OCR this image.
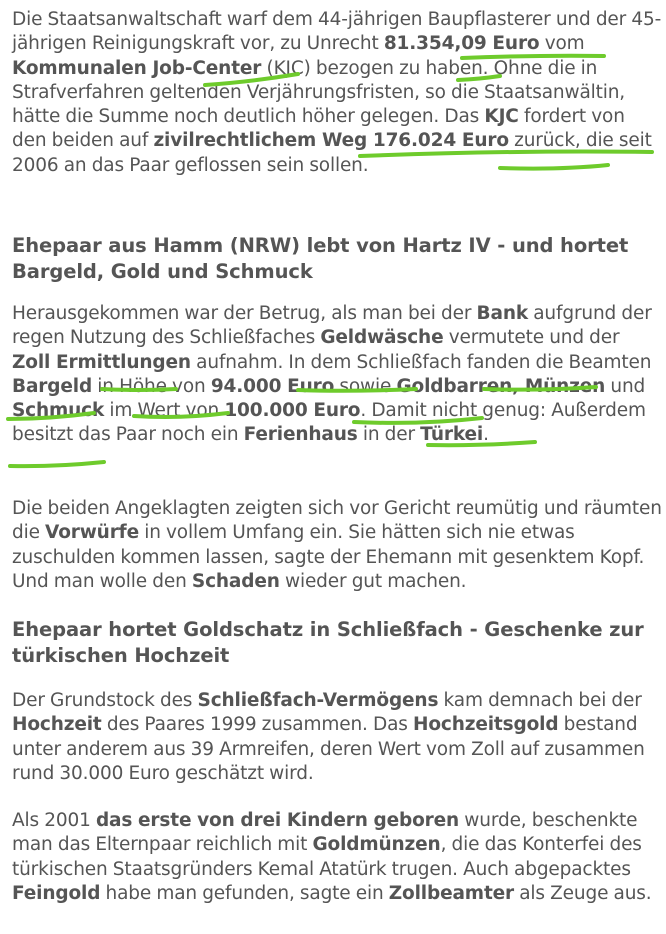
Die Staatsanwaltschaft warf dem 44-jährigen Baupflasterer und der 45-jährigen Reinigungskraft vor, zu Unrecht 81.354,09 Euro vom Kommunalen Job-Center (KJC) bezogen zu haben. Ohne die in Strafverfahren geltenden Verjährungsfristen, so die Staatsanwältin, hätte die Summe noch deutlich höher gelegen. Das KJC fordert von den beiden auf zivilrechtlichem Weg 176.024 Euro zurück, die seit 2006 an das Paar geflossen sein sollen.

Ehepaar aus Hamm (NRW) lebt von Hartz IV - und hortet Bargeld, Gold und Schmuck

Herausgekommen war der Betrug, als man bei der Bank aufgrund der regen Nutzung des Schließfaches Geldwäsche vermutete und der Zoll Ermittlungen aufnahm. In dem Schließfach fanden die Beamten Bargeld in Höhe von 94.000 Euro sowie Goldbarren, Münzen und Schmuck im Wert von 100.000 Euro. Damit nicht genug: Außerdem besitzt das Paar noch ein Ferienhaus in der Türkei.

Die beiden Angeklagten zeigten sich vor Gericht reumütig und räumten die Vorwürfe in vollem Umfang ein. Sie hätten sich nie etwas zuschulden kommen lassen, sagte der Ehemann mit gesenktem Kopf. Und man wolle den Schaden wieder gut machen.

Ehepaar hortet Goldschatz in Schließfach - Geschenke zur türkischen Hochzeit

Der Grundstock des Schließfach-Vermögens kam demnach bei der Hochzeit des Paares 1999 zusammen. Das Hochzeitsgold bestand unter anderem aus 39 Armreifen, deren Wert vom Zoll auf zusammen rund 30.000 Euro geschätzt wird.

Als 2001 das erste von drei Kindern geboren wurde, beschenkte man das Elternpaar reichlich mit Goldmünzen, die das Konterfei des türkischen Staatsgründers Kemal Atatürk trugen. Auch abgepacktes Feingold habe man gefunden, sagte ein Zollbeamter als Zeuge aus.
